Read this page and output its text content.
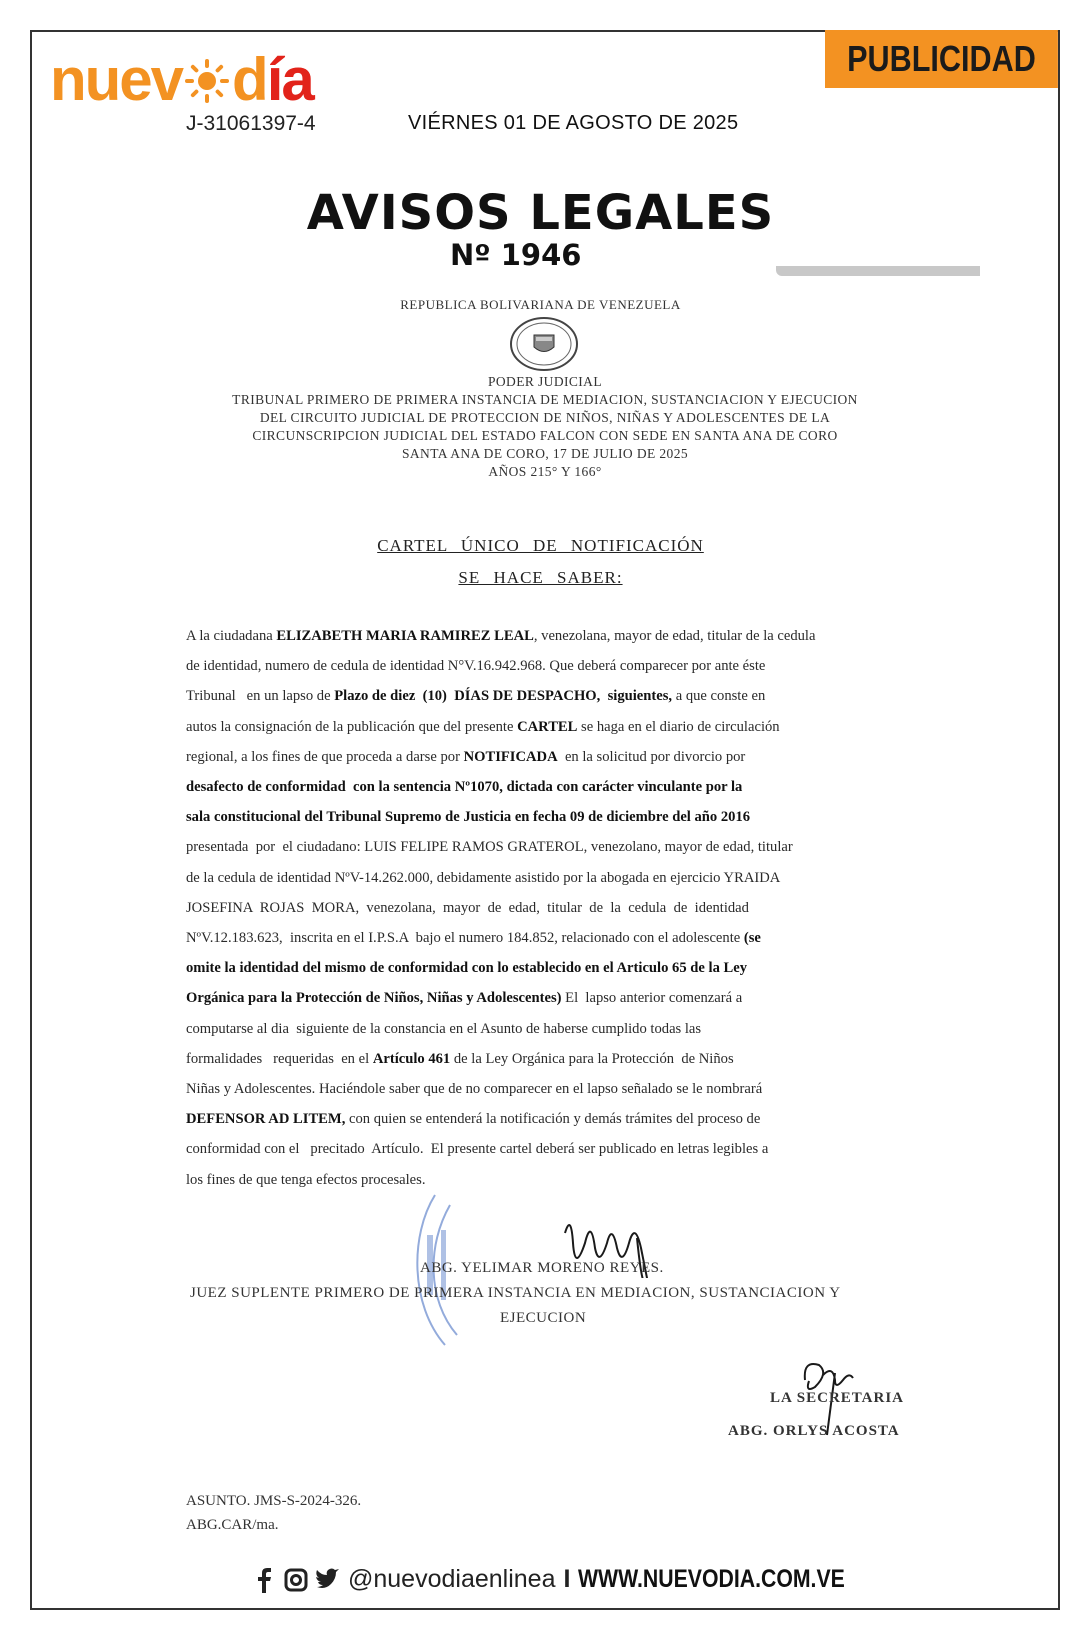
nuev d ía
J-31061397-4	VIÉRNES 01 DE AGOSTO DE 2025
PUBLICIDAD
AVISOS LEGALES
Nº 1946
REPUBLICA BOLIVARIANA DE VENEZUELA
PODER JUDICIAL
TRIBUNAL PRIMERO DE PRIMERA INSTANCIA DE MEDIACION, SUSTANCIACION Y EJECUCION
DEL CIRCUITO JUDICIAL DE PROTECCION DE NIÑOS, NIÑAS Y ADOLESCENTES DE LA
CIRCUNSCRIPCION JUDICIAL DEL ESTADO FALCON CON SEDE EN SANTA ANA DE CORO
SANTA ANA DE CORO, 17 DE JULIO DE 2025
AÑOS 215° Y 166°
CARTEL ÚNICO DE NOTIFICACIÓN
SE HACE SABER:
A la ciudadana ELIZABETH MARIA RAMIREZ LEAL, venezolana, mayor de edad, titular de la cedula
de identidad, numero de cedula de identidad N°V.16.942.968. Que deberá comparecer por ante éste
Tribunal   en un lapso de Plazo de diez  (10)  DÍAS DE DESPACHO,  siguientes, a que conste en
autos la consignación de la publicación que del presente CARTEL se haga en el diario de circulación
regional, a los fines de que proceda a darse por NOTIFICADA  en la solicitud por divorcio por
desafecto de conformidad  con la sentencia Nº1070, dictada con carácter vinculante por la
sala constitucional del Tribunal Supremo de Justicia en fecha 09 de diciembre del año 2016
presentada  por  el ciudadano: LUIS FELIPE RAMOS GRATEROL, venezolano, mayor de edad, titular
de la cedula de identidad NºV-14.262.000, debidamente asistido por la abogada en ejercicio YRAIDA
JOSEFINA  ROJAS  MORA,  venezolana,  mayor  de  edad,  titular  de  la  cedula  de  identidad
NºV.12.183.623,  inscrita en el I.P.S.A  bajo el numero 184.852, relacionado con el adolescente (se
omite la identidad del mismo de conformidad con lo establecido en el Articulo 65 de la Ley
Orgánica para la Protección de Niños, Niñas y Adolescentes) El  lapso anterior comenzará a
computarse al dia  siguiente de la constancia en el Asunto de haberse cumplido todas las
formalidades   requeridas  en el Artículo 461 de la Ley Orgánica para la Protección  de Niños
Niñas y Adolescentes. Haciéndole saber que de no comparecer en el lapso señalado se le nombrará
DEFENSOR AD LITEM, con quien se entenderá la notificación y demás trámites del proceso de
conformidad con el   precitado  Artículo.  El presente cartel deberá ser publicado en letras legibles a
los fines de que tenga efectos procesales.
ABG. YELIMAR MORENO REYES.
JUEZ SUPLENTE PRIMERO DE PRIMERA INSTANCIA EN MEDIACION, SUSTANCIACION Y
EJECUCION
LA SECRETARIA
ABG. ORLYS ACOSTA
ASUNTO. JMS-S-2024-326.
ABG.CAR/ma.
@nuevodiaenlinea I WWW.NUEVODIA.COM.VE
